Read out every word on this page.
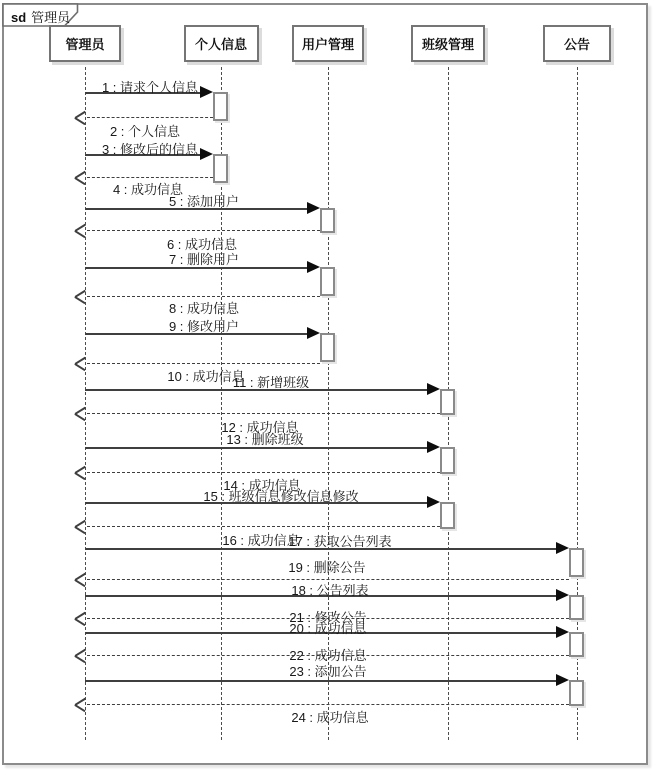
sd 管理员
管理员	个人信息	用户管理	班级管理	公告
1 : 请求个人信息
2 : 个人信息
3 : 修改后的信息
4 : 成功信息
5 : 添加用户
6 : 成功信息
7 : 删除用户
8 : 成功信息
9 : 修改用户
10 : 成功信息
11 : 新增班级
12 : 成功信息
13 : 删除班级
14 : 成功信息
15 : 班级信息修改信息修改
16 : 成功信息
17 : 获取公告列表
19 : 删除公告
18 : 公告列表
21 : 修改公告
20 : 成功信息
22 : 成功信息
23 : 添加公告
24 : 成功信息
